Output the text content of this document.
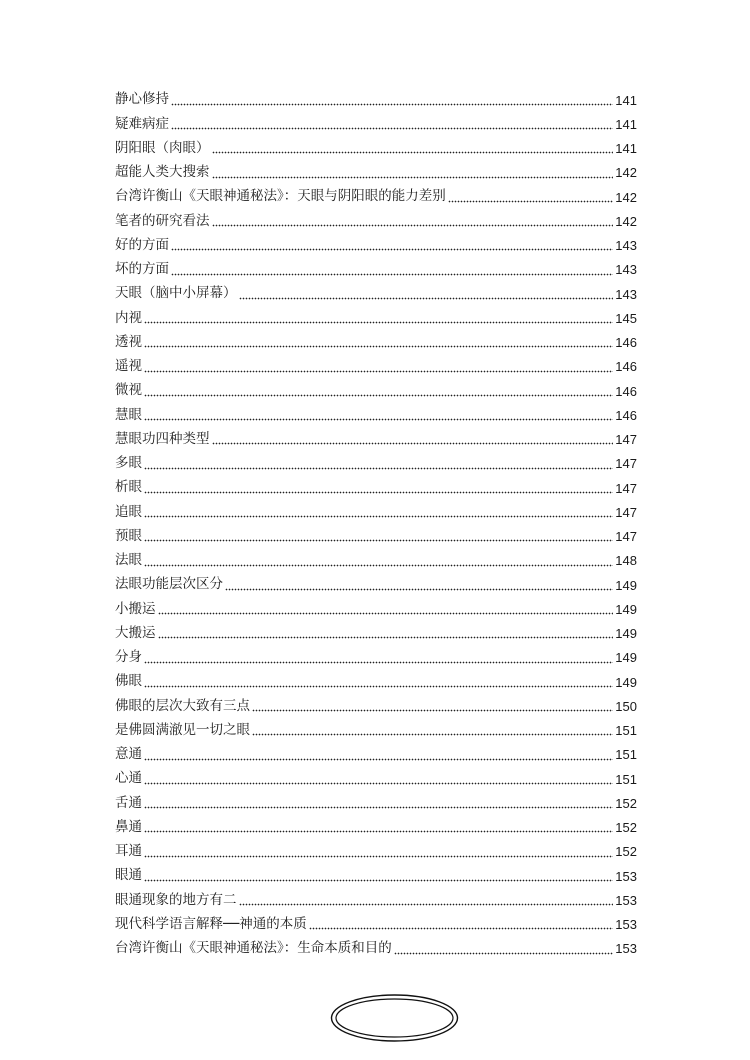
静心修持	141
疑难病症	141
阴阳眼（肉眼）	141
超能人类大搜索	142
台湾许衡山《天眼神通秘法》：天眼与阴阳眼的能力差别	142
笔者的研究看法	142
好的方面	143
坏的方面	143
天眼（脑中小屏幕）	143
内视	145
透视	146
遥视	146
微视	146
慧眼	146
慧眼功四种类型	147
多眼	147
析眼	147
追眼	147
预眼	147
法眼	148
法眼功能层次区分	149
小搬运	149
大搬运	149
分身	149
佛眼	149
佛眼的层次大致有三点	150
是佛圆满澈见一切之眼	151
意通	151
心通	151
舌通	152
鼻通	152
耳通	152
眼通	153
眼通现象的地方有二	153
现代科学语言解释──神通的本质	153
台湾许衡山《天眼神通秘法》：生命本质和目的	153
